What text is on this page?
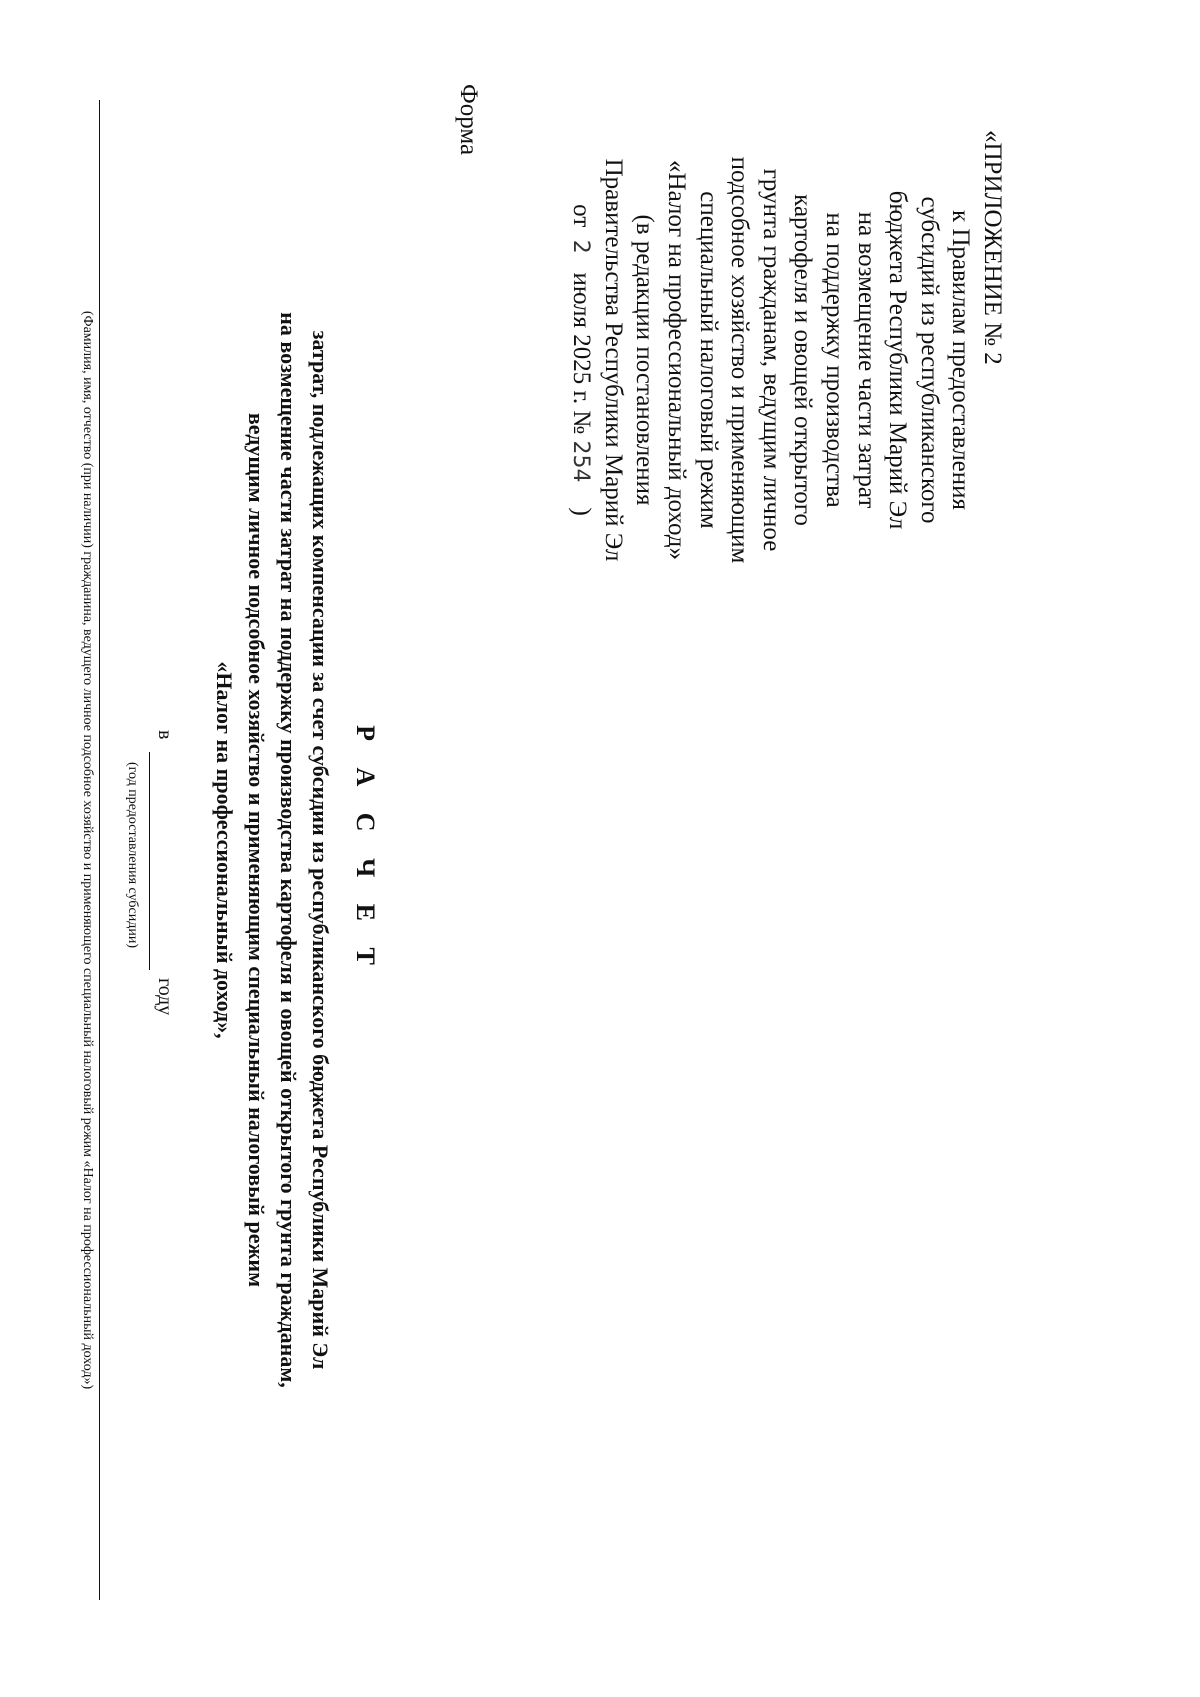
«ПРИЛОЖЕНИЕ № 2
к Правилам предоставления
субсидий из республиканского
бюджета Республики Марий Эл
на возмещение части затрат
на поддержку производства
картофеля и овощей открытого
грунта гражданам, ведущим личное
подсобное хозяйство и применяющим
специальный налоговый режим
«Налог на профессиональный доход»
(в редакции постановления
Правительства Республики Марий Эл
от  2   июля 2025 г. № 254    )
Форма
Р А С Ч Е Т
затрат, подлежащих компенсации за счет субсидии из республиканского бюджета Республики Марий Эл
на возмещение части затрат на поддержку производства картофеля и овощей открытого грунта гражданам,
ведущим личное подсобное хозяйство и применяющим специальный налоговый режим
«Налог на профессиональный доход»,
в
году
(год предоставления субсидии)
(Фамилия, имя, отчество (при наличии) гражданина, ведущего личное подсобное хозяйство и применяющего специальный налоговый режим «Налог на профессиональный доход»)
